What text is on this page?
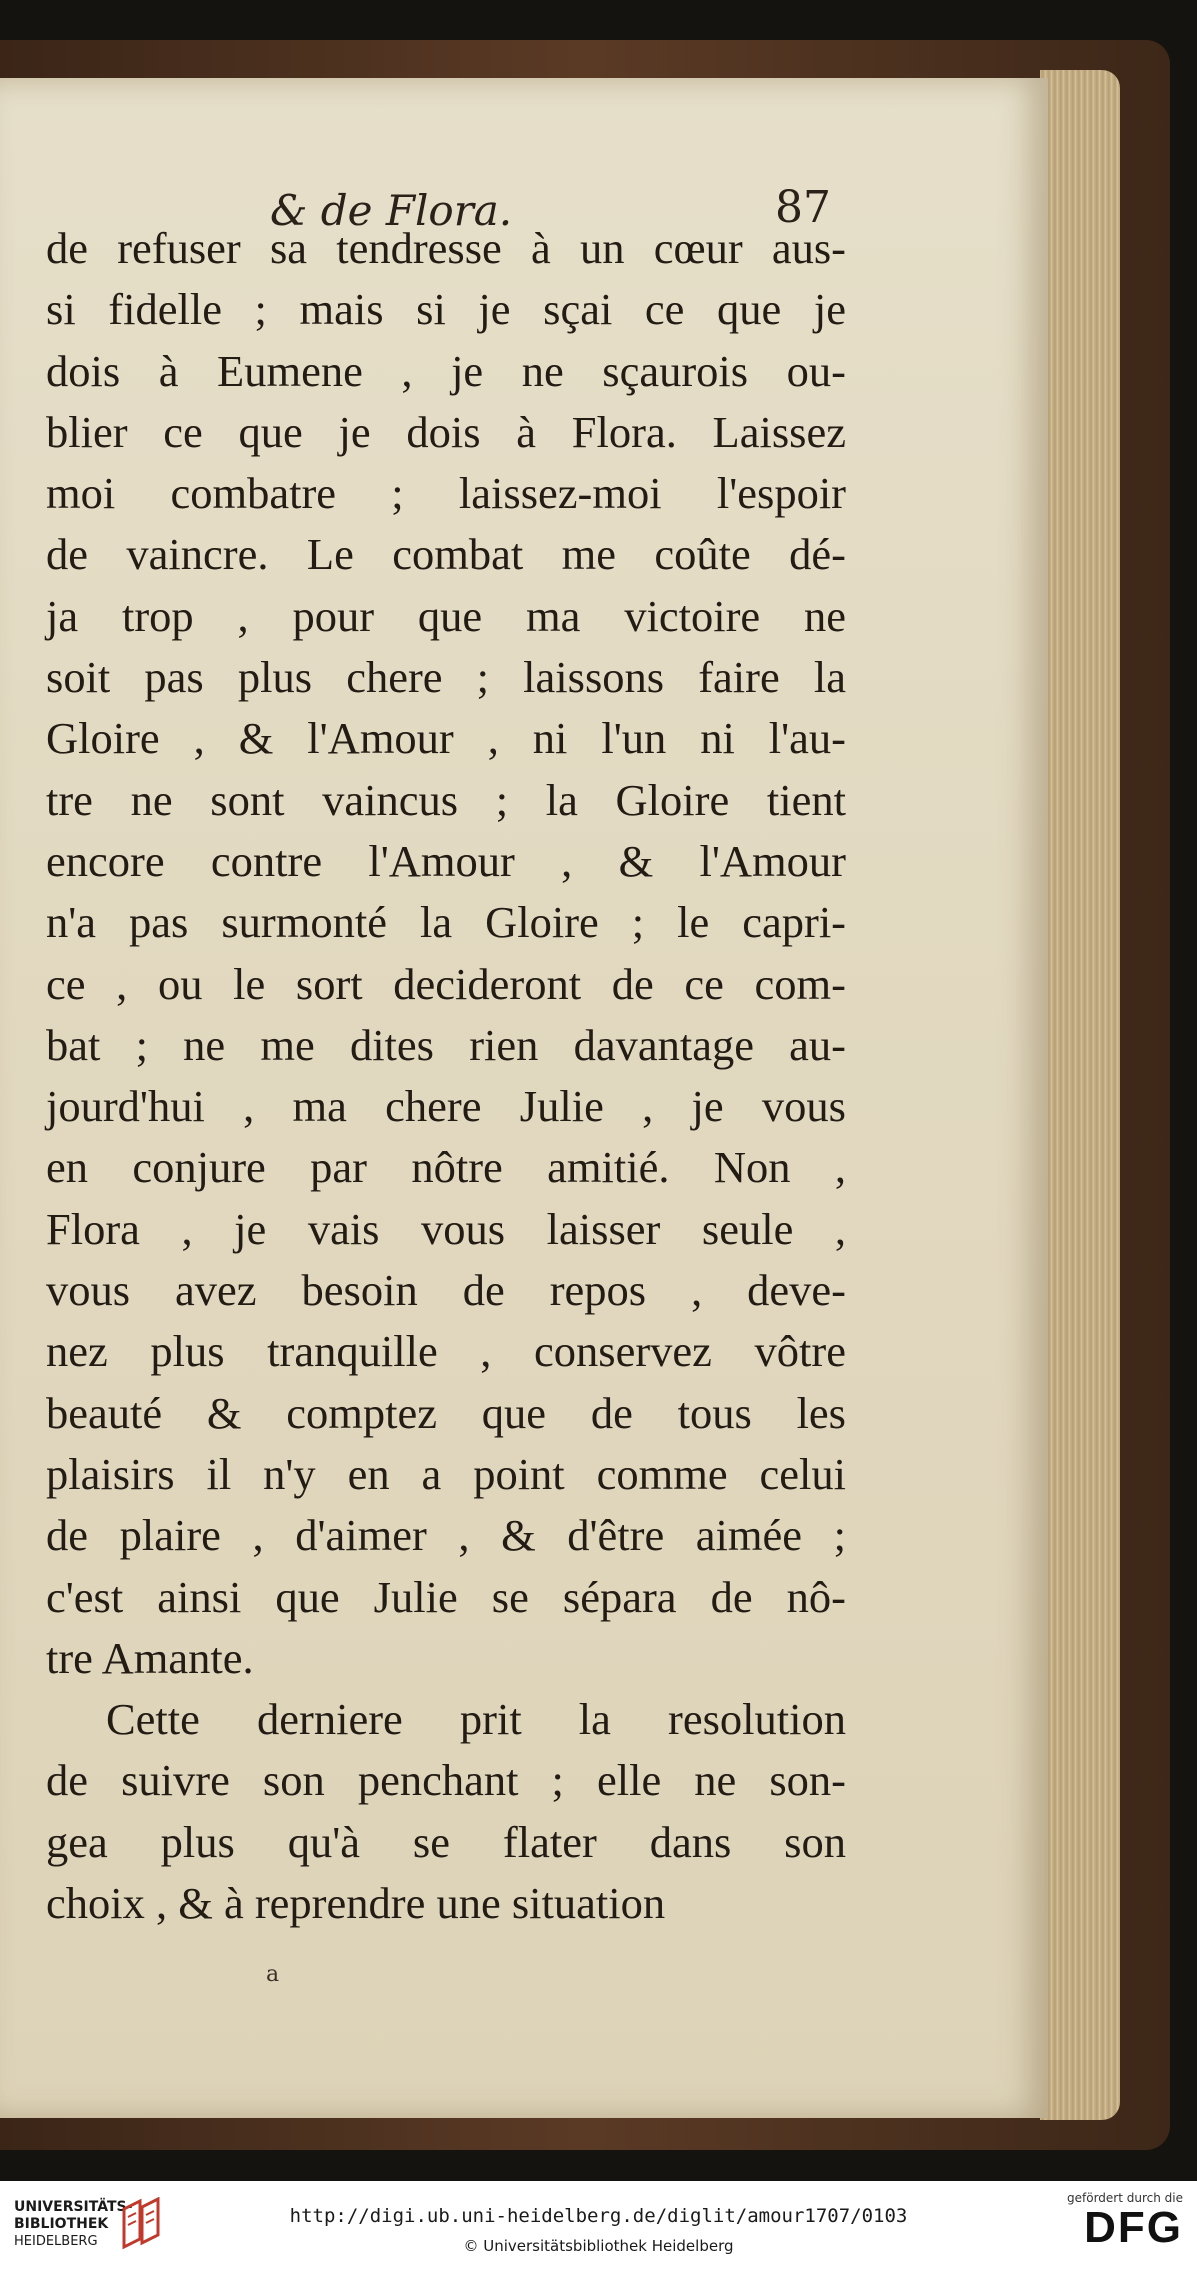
& de Flora.	87
de refuser sa tendresse à un cœur aus-
si fidelle ; mais si je sçai ce que je
dois à Eumene , je ne sçaurois ou-
blier ce que je dois à Flora. Laissez
moi combatre ; laissez-moi l'espoir
de vaincre. Le combat me coûte dé-
ja trop , pour que ma victoire ne
soit pas plus chere ; laissons faire la
Gloire , & l'Amour , ni l'un ni l'au-
tre ne sont vaincus ; la Gloire tient
encore contre l'Amour , & l'Amour
n'a pas surmonté la Gloire ; le capri-
ce , ou le sort decideront de ce com-
bat ; ne me dites rien davantage au-
jourd'hui , ma chere Julie , je vous
en conjure par nôtre amitié. Non ,
Flora , je vais vous laisser seule ,
vous avez besoin de repos , deve-
nez plus tranquille , conservez vôtre
beauté & comptez que de tous les
plaisirs il n'y en a point comme celui
de plaire , d'aimer , & d'être aimée ;
c'est ainsi que Julie se sépara de nô-
tre Amante.
Cette derniere prit la resolution
de suivre son penchant ; elle ne son-
gea plus qu'à se flater dans son
choix , & à reprendre une situation
a
UNIVERSITÄTS-
BIBLIOTHEK
HEIDELBERG
http://digi.ub.uni-heidelberg.de/diglit/amour1707/0103
© Universitätsbibliothek Heidelberg
gefördert durch die
DFG
